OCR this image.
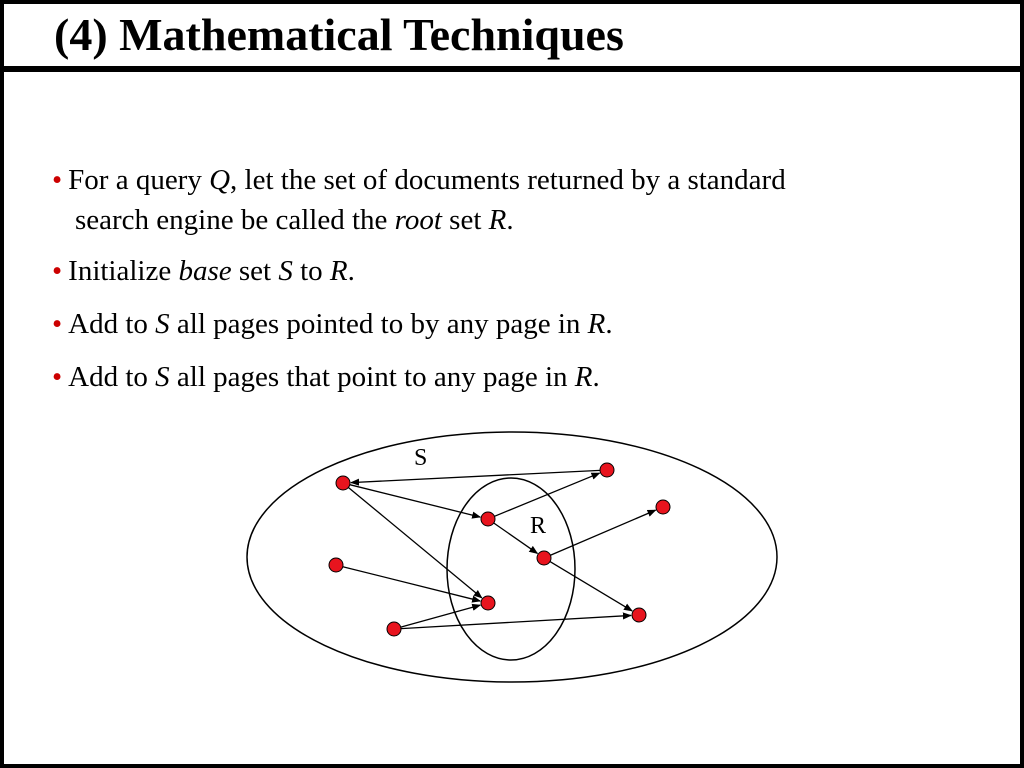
(4) Mathematical Techniques
• For a query Q, let the set of documents returned by a standard
search engine be called the root set R.
• Initialize base set S to R.
• Add to S all pages pointed to by any page in R.
• Add to S all pages that point to any page in R.
S
R
